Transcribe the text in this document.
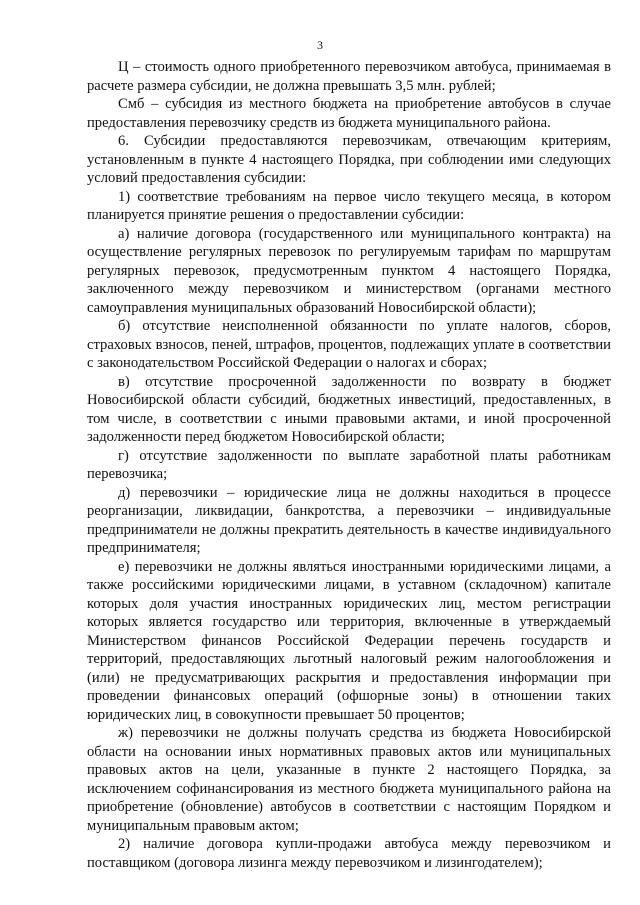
3

Ц – стоимость одного приобретенного перевозчиком автобуса, принимаемая в расчете размера субсидии, не должна превышать 3,5 млн. рублей;

Смб – субсидия из местного бюджета на приобретение автобусов в случае предоставления перевозчику средств из бюджета муниципального района.

6. Субсидии предоставляются перевозчикам, отвечающим критериям, установленным в пункте 4 настоящего Порядка, при соблюдении ими следующих условий предоставления субсидии:

1) соответствие требованиям на первое число текущего месяца, в котором планируется принятие решения о предоставлении субсидии:

а) наличие договора (государственного или муниципального контракта) на осуществление регулярных перевозок по регулируемым тарифам по маршрутам регулярных перевозок, предусмотренным пунктом 4 настоящего Порядка, заключенного между перевозчиком и министерством (органами местного самоуправления муниципальных образований Новосибирской области);

б) отсутствие неисполненной обязанности по уплате налогов, сборов, страховых взносов, пеней, штрафов, процентов, подлежащих уплате в соответствии с законодательством Российской Федерации о налогах и сборах;

в) отсутствие просроченной задолженности по возврату в бюджет Новосибирской области субсидий, бюджетных инвестиций, предоставленных, в том числе, в соответствии с иными правовыми актами, и иной просроченной задолженности перед бюджетом Новосибирской области;

г) отсутствие задолженности по выплате заработной платы работникам перевозчика;

д) перевозчики – юридические лица не должны находиться в процессе реорганизации, ликвидации, банкротства, а перевозчики – индивидуальные предприниматели не должны прекратить деятельность в качестве индивидуального предпринимателя;

е) перевозчики не должны являться иностранными юридическими лицами, а также российскими юридическими лицами, в уставном (складочном) капитале которых доля участия иностранных юридических лиц, местом регистрации которых является государство или территория, включенные в утверждаемый Министерством финансов Российской Федерации перечень государств и территорий, предоставляющих льготный налоговый режим налогообложения и (или) не предусматривающих раскрытия и предоставления информации при проведении финансовых операций (офшорные зоны) в отношении таких юридических лиц, в совокупности превышает 50 процентов;

ж) перевозчики не должны получать средства из бюджета Новосибирской области на основании иных нормативных правовых актов или муниципальных правовых актов на цели, указанные в пункте 2 настоящего Порядка, за исключением софинансирования из местного бюджета муниципального района на приобретение (обновление) автобусов в соответствии с настоящим Порядком и муниципальным правовым актом;

2) наличие договора купли-продажи автобуса между перевозчиком и поставщиком (договора лизинга между перевозчиком и лизингодателем);
